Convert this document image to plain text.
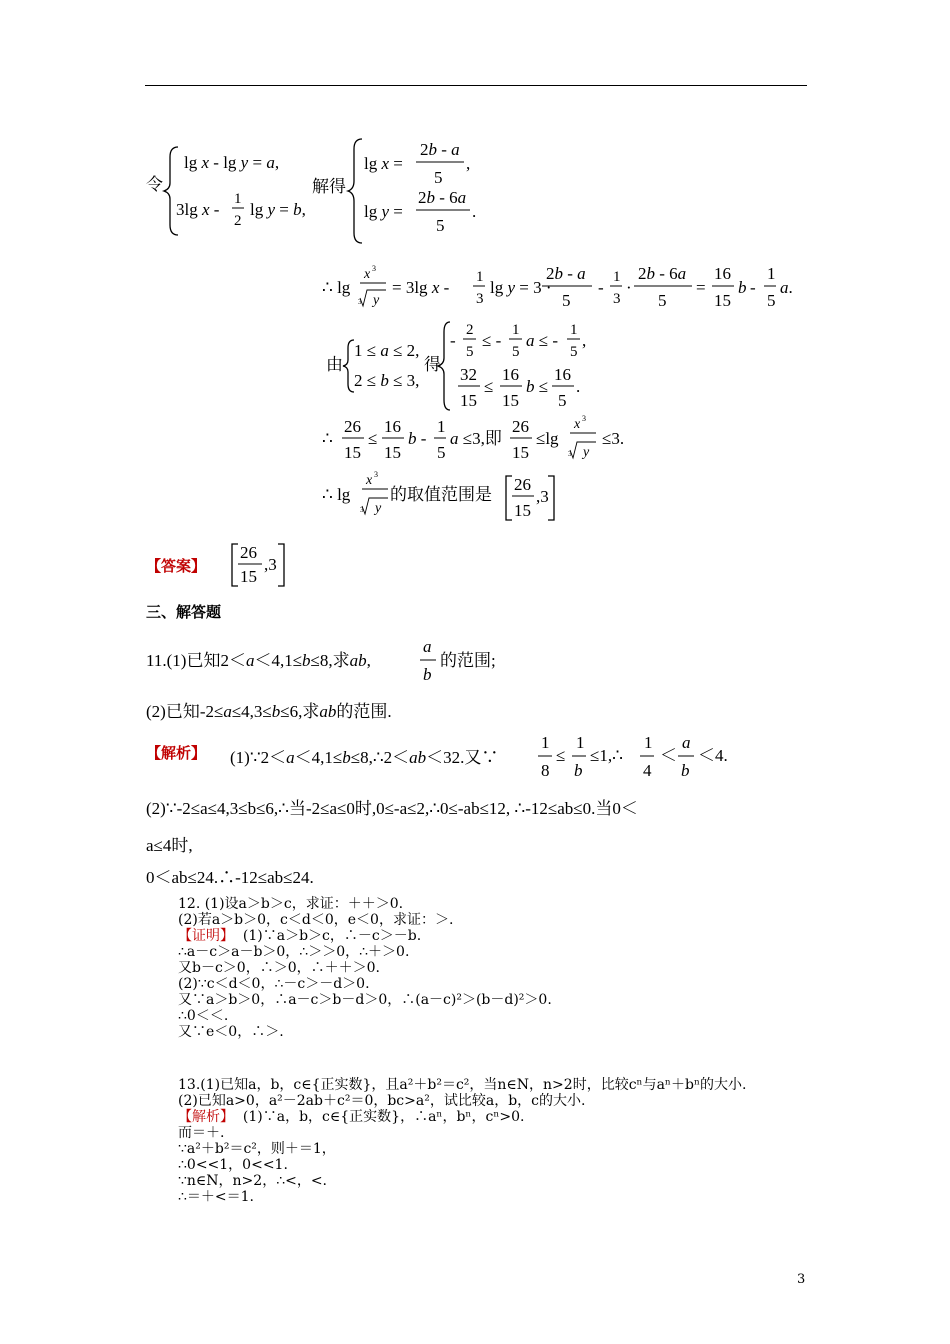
令
lg x - lg y = a,
3lg x -
1
2
lg y = b,
解得
lg x =
2b - a
5
,
lg y =
2b - 6a
5
.
∴ lg
x 3
3 y
= 3lg x -
1
3
lg y = 3 ·
2b - a
5
-
1
3
·
2b - 6a
5
=
16
15
b -
1
5
a.
由
1 ≤ a ≤ 2,
2 ≤ b ≤ 3,
得
-
2
5
≤ -
1
5
a ≤ -
1
5
,
32
15
≤
16
15
b ≤
16
5
.
∴
26
15
≤
16
15
b -
1
5
a ≤3,即
26
15
≤lg
x 3
3 y
≤3.
∴ lg
x 3
3 y
的取值范围是
26
15
,3
【答案】
26
15
,3
三、解答题
11.(1)已知2＜a＜4,1≤b≤8,求ab,
a
b
的范围;
(2)已知-2≤a≤4,3≤b≤6,求ab的范围.
【解析】 (1)∵2＜a＜4,1≤b≤8,∴2＜ab＜32.又∵
1
8
≤
1
b
≤1,∴
1
4
＜
a
b
＜4.
(2)∵-2≤a≤4,3≤b≤6,∴当-2≤a≤0时,0≤-a≤2,∴0≤-ab≤12, ∴-12≤ab≤0.当0＜
a≤4时,
0＜ab≤24.∴-12≤ab≤24.
12. (1)设a＞b＞c，求证：＋＋＞0.
(2)若a＞b＞0，c＜d＜0，e＜0，求证：＞.
【证明】 (1)∵a＞b＞c，∴－c＞－b.
∴a－c＞a－b＞0，∴＞＞0，∴＋＞0.
又b－c＞0，∴＞0，∴＋＋＞0.
(2)∵c＜d＜0，∴－c＞－d＞0.
又∵a＞b＞0，∴a－c＞b－d＞0，∴(a－c)²＞(b－d)²＞0.
∴0＜＜.
又∵e＜0，∴＞.
13.(1)已知a，b，c∈{正实数}，且a²＋b²＝c²，当n∈N，n>2时，比较cⁿ与aⁿ＋bⁿ的大小.
(2)已知a>0，a²－2ab＋c²＝0，bc>a²，试比较a，b，c的大小.
【解析】 (1)∵a，b，c∈{正实数}，∴aⁿ，bⁿ，cⁿ>0.
而＝＋.
∵a²＋b²＝c²，则＋＝1，
∴0<<1，0<<1.
∵n∈N，n>2，∴<，<.
∴＝＋<＝1.
3
